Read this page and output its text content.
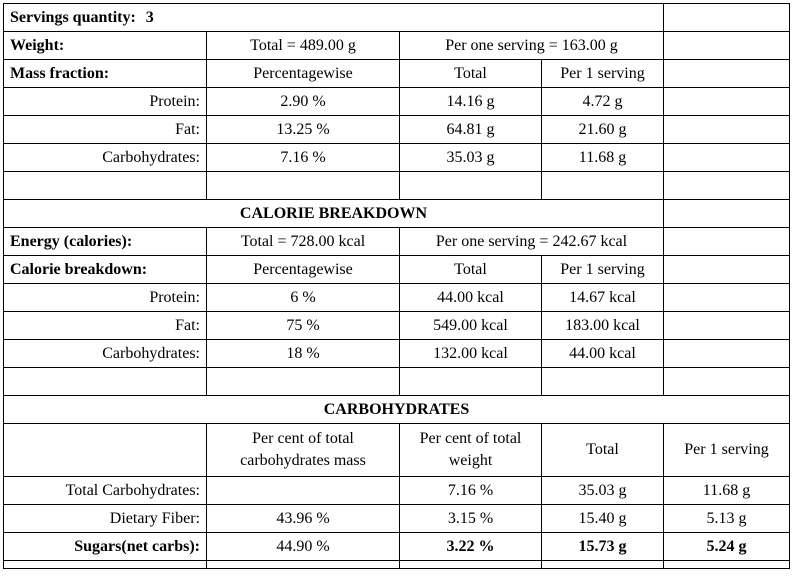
Servings quantity: 3				
Weight:	Total = 489.00 g	Per one serving = 163.00 g		
Mass fraction:	Percentagewise	Total	Per 1 serving	
Protein:	2.90 %	14.16 g	4.72 g	
Fat:	13.25 %	64.81 g	21.60 g	
Carbohydrates:	7.16 %	35.03 g	11.68 g	

CALORIE BREAKDOWN				
Energy (calories):	Total = 728.00 kcal	Per one serving = 242.67 kcal		
Calorie breakdown:	Percentagewise	Total	Per 1 serving	
Protein:	6 %	44.00 kcal	14.67 kcal	
Fat:	75 %	549.00 kcal	183.00 kcal	
Carbohydrates:	18 %	132.00 kcal	44.00 kcal	

CARBOHYDRATES				
	Per cent of total carbohydrates mass	Per cent of total weight	Total	Per 1 serving
Total Carbohydrates:		7.16 %	35.03 g	11.68 g
Dietary Fiber:	43.96 %	3.15 %	15.40 g	5.13 g
Sugars(net carbs):	44.90 %	3.22 %	15.73 g	5.24 g
